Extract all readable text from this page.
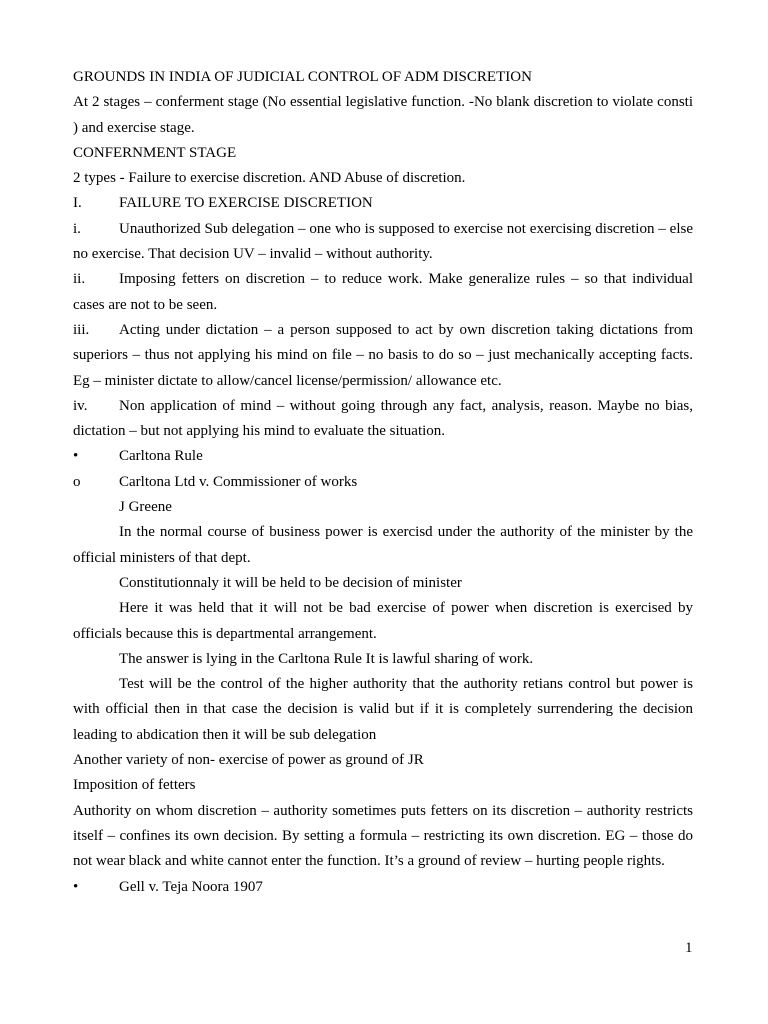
GROUNDS IN INDIA OF JUDICIAL CONTROL OF ADM DISCRETION

At 2 stages – conferment stage (No essential legislative function. -No blank discretion to violate consti ) and exercise stage.

CONFERNMENT STAGE

2 types - Failure to exercise discretion. AND Abuse of discretion.

I. FAILURE TO EXERCISE DISCRETION

i.	Unauthorized Sub delegation – one who is supposed to exercise not exercising discretion – else no exercise. That decision UV – invalid – without authority.

ii. Imposing fetters on discretion – to reduce work. Make generalize rules – so that individual cases are not to be seen.

iii. Acting under dictation – a person supposed to act by own discretion taking dictations from superiors – thus not applying his mind on file – no basis to do so – just mechanically accepting facts. Eg – minister dictate to allow/cancel license/permission/ allowance etc.

iv. Non application of mind – without going through any fact, analysis, reason. Maybe no bias, dictation – but not applying his mind to evaluate the situation.

•	Carltona Rule

o	Carltona Ltd v. Commissioner of works

J Greene

In the normal course of business power is exercisd under the authority of the minister by the official ministers of that dept.

Constitutionnaly it will be held to be decision of minister

Here it was held that it will not be bad exercise of power when discretion is exercised by officials because this is departmental arrangement.

The answer is lying in the Carltona Rule It is lawful sharing of work.

Test will be the control of the higher authority that the authority retians control but power is with official then in that case the decision is valid but if it is completely surrendering the decision leading to abdication then it will be sub delegation

Another variety of non- exercise of power as ground of JR

Imposition of fetters

Authority on whom discretion – authority sometimes puts fetters on its discretion – authority restricts itself – confines its own decision. By setting a formula – restricting its own discretion. EG – those do not wear black and white cannot enter the function. It’s a ground of review – hurting people rights.

•	Gell v. Teja Noora 1907

1
